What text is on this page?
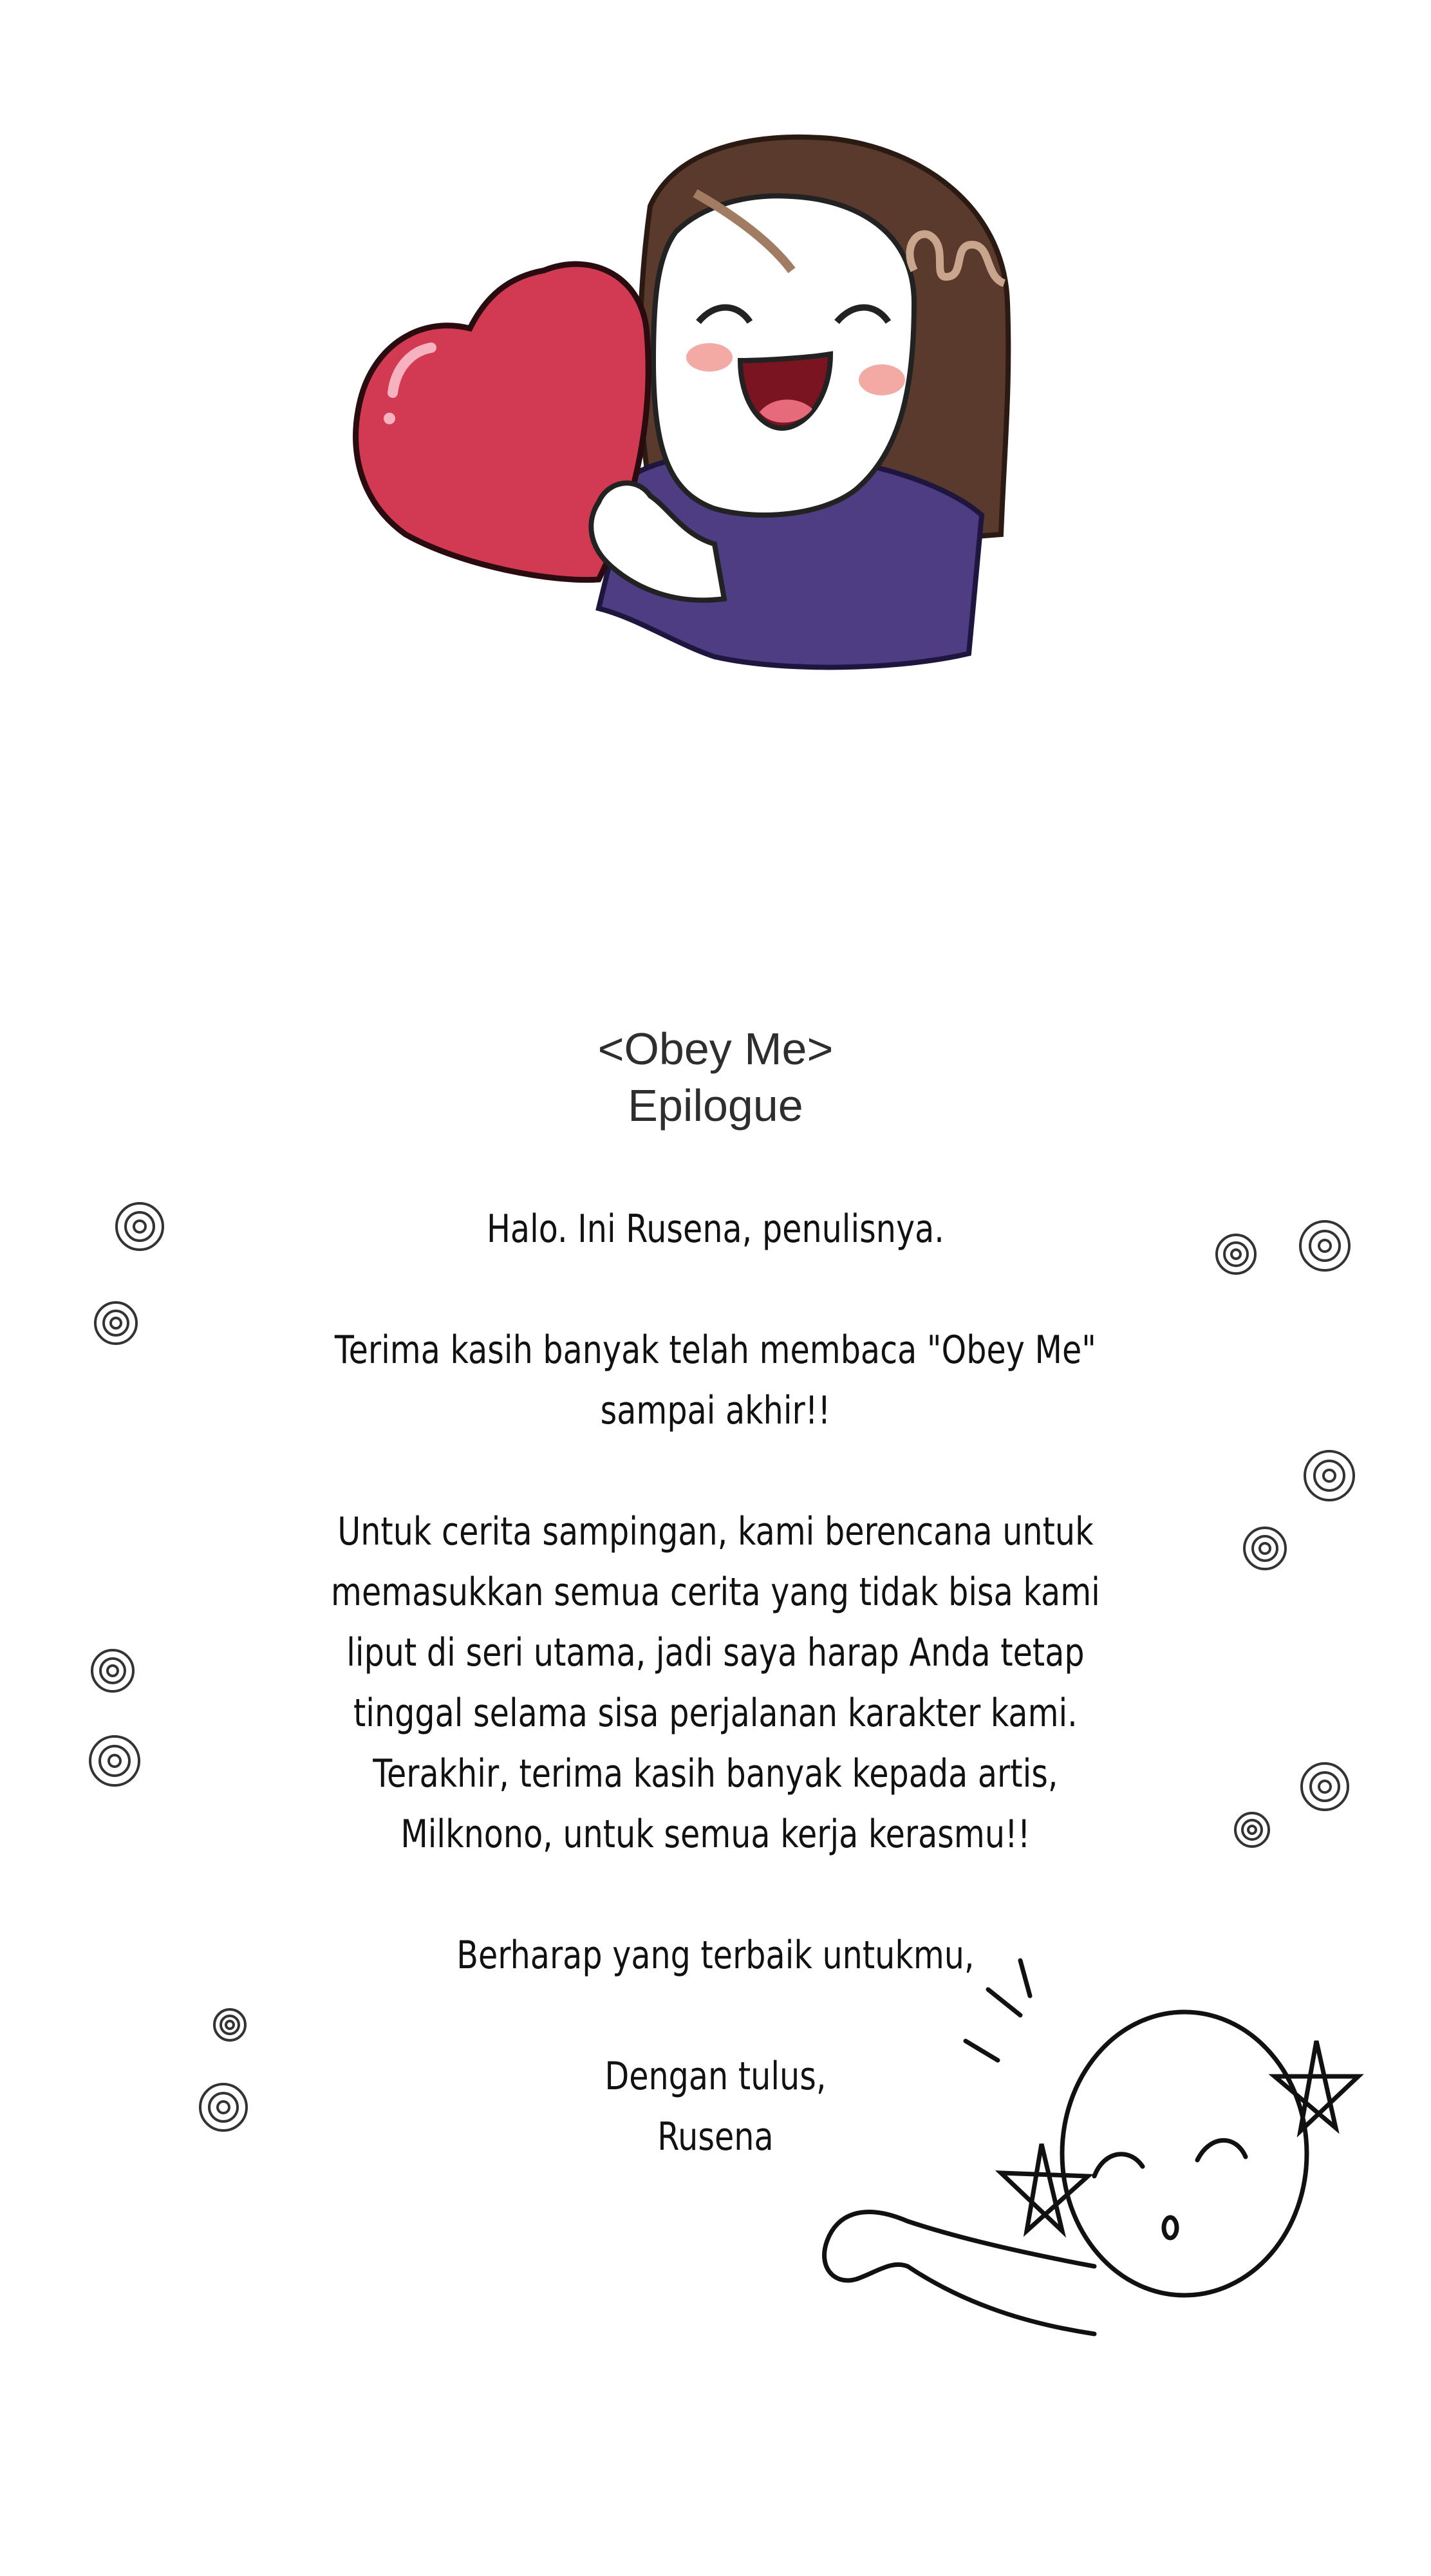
<Obey Me>
Epilogue

Halo. Ini Rusena, penulisnya.

Terima kasih banyak telah membaca "Obey Me"

sampai akhir!!

Untuk cerita sampingan, kami berencana untuk

memasukkan semua cerita yang tidak bisa kami

liput di seri utama, jadi saya harap Anda tetap

tinggal selama sisa perjalanan karakter kami.

Terakhir, terima kasih banyak kepada artis,

Milknono, untuk semua kerja kerasmu!!

Berharap yang terbaik untukmu,

Dengan tulus,

Rusena
